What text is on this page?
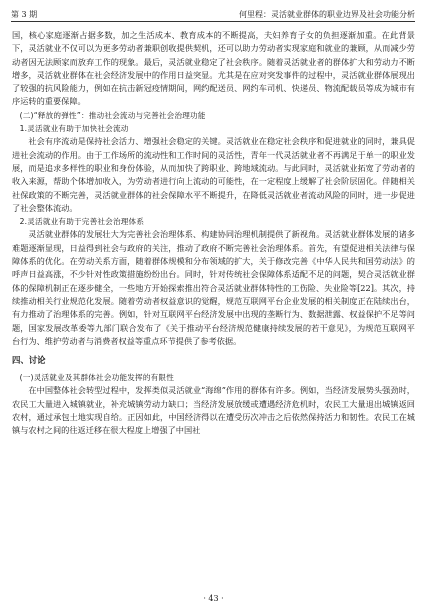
第 3 期	何里程：灵活就业群体的职业边界及社会功能分析

国，核心家庭逐渐占据多数，加之生活成本、教育成本的不断提高，夫妇养育子女的负担逐渐加重。在此背景下，灵活就业不仅可以为更多劳动者兼职创收提供契机，还可以助力劳动者实现家庭和就业的兼顾，从而减少劳动者因无法顾家而放弃工作的现象。最后，灵活就业稳定了社会秩序。随着灵活就业者的群体扩大和劳动力不断增多，灵活就业群体在社会经济发展中的作用日益突显。尤其是在应对突发事件的过程中，灵活就业群体展现出了较强的抗风险能力，例如在抗击新冠疫情期间，网约配送员、网约车司机、快递员、物流配载员等成为城市有序运转的重要保障。

(二)“释放的弹性”：推动社会流动与完善社会治理功能
1.灵活就业有助于加快社会流动

社会有序流动是保持社会活力、增强社会稳定的关键。灵活就业在稳定社会秩序和促进就业的同时，兼具促进社会流动的作用。由于工作场所的流动性和工作时间的灵活性，青年一代灵活就业者不再满足于单一的职业发展，而是追求多样性的职业和身份体验，从而加快了跨职业、跨地域流动。与此同时，灵活就业拓宽了劳动者的收入来源，帮助个体增加收入，为劳动者进行向上流动的可能性，在一定程度上缓解了社会阶层固化。伴随相关社保政策的不断完善，灵活就业群体的社会保障水平不断提升，在降低灵活就业者流动风险的同时，进一步促进了社会整体流动。

2.灵活就业有助于完善社会治理体系

灵活就业群体的发展壮大为完善社会治理体系、构建协同治理机制提供了新视角。灵活就业群体发展的诸多难题逐渐显现，日益得到社会与政府的关注，推动了政府不断完善社会治理体系。首先，有望促进相关法律与保障体系的优化。在劳动关系方面，随着群体规模和分布领域的扩大，关于修改完善《中华人民共和国劳动法》的呼声日益高涨，不少针对性政策措施纷纷出台。同时，针对传统社会保障体系适配不足的问题，契合灵活就业群体的保障机制正在逐步健全，一些地方开始探索推出符合灵活就业群体特性的工伤险、失业险等[22]。其次，持续推动相关行业规范化发展。随着劳动者权益意识的觉醒，规范互联网平台企业发展的相关制度正在陆续出台，有力推动了治理体系的完善。例如，针对互联网平台经济发展中出现的垄断行为、数据泄露、权益保护不足等问题，国家发展改革委等九部门联合发布了《关于推动平台经济规范健康持续发展的若干意见》，为规范互联网平台行为、维护劳动者与消费者权益等重点环节提供了参考依据。

四、讨论
(一)灵活就业及其群体社会功能发挥的有限性

在中国整体社会转型过程中，发挥类似灵活就业“海绵”作用的群体有许多。例如，当经济发展势头强劲时，农民工大量进入城镇就业，补充城镇劳动力缺口；当经济发展放缓或遭遇经济危机时，农民工大量退出城镇返回农村，通过承包土地实现自给。正因如此，中国经济得以在遭受历次冲击之后依然保持活力和韧性。农民工在城镇与农村之间的往返迁移在很大程度上增强了中国社

· 43 ·
